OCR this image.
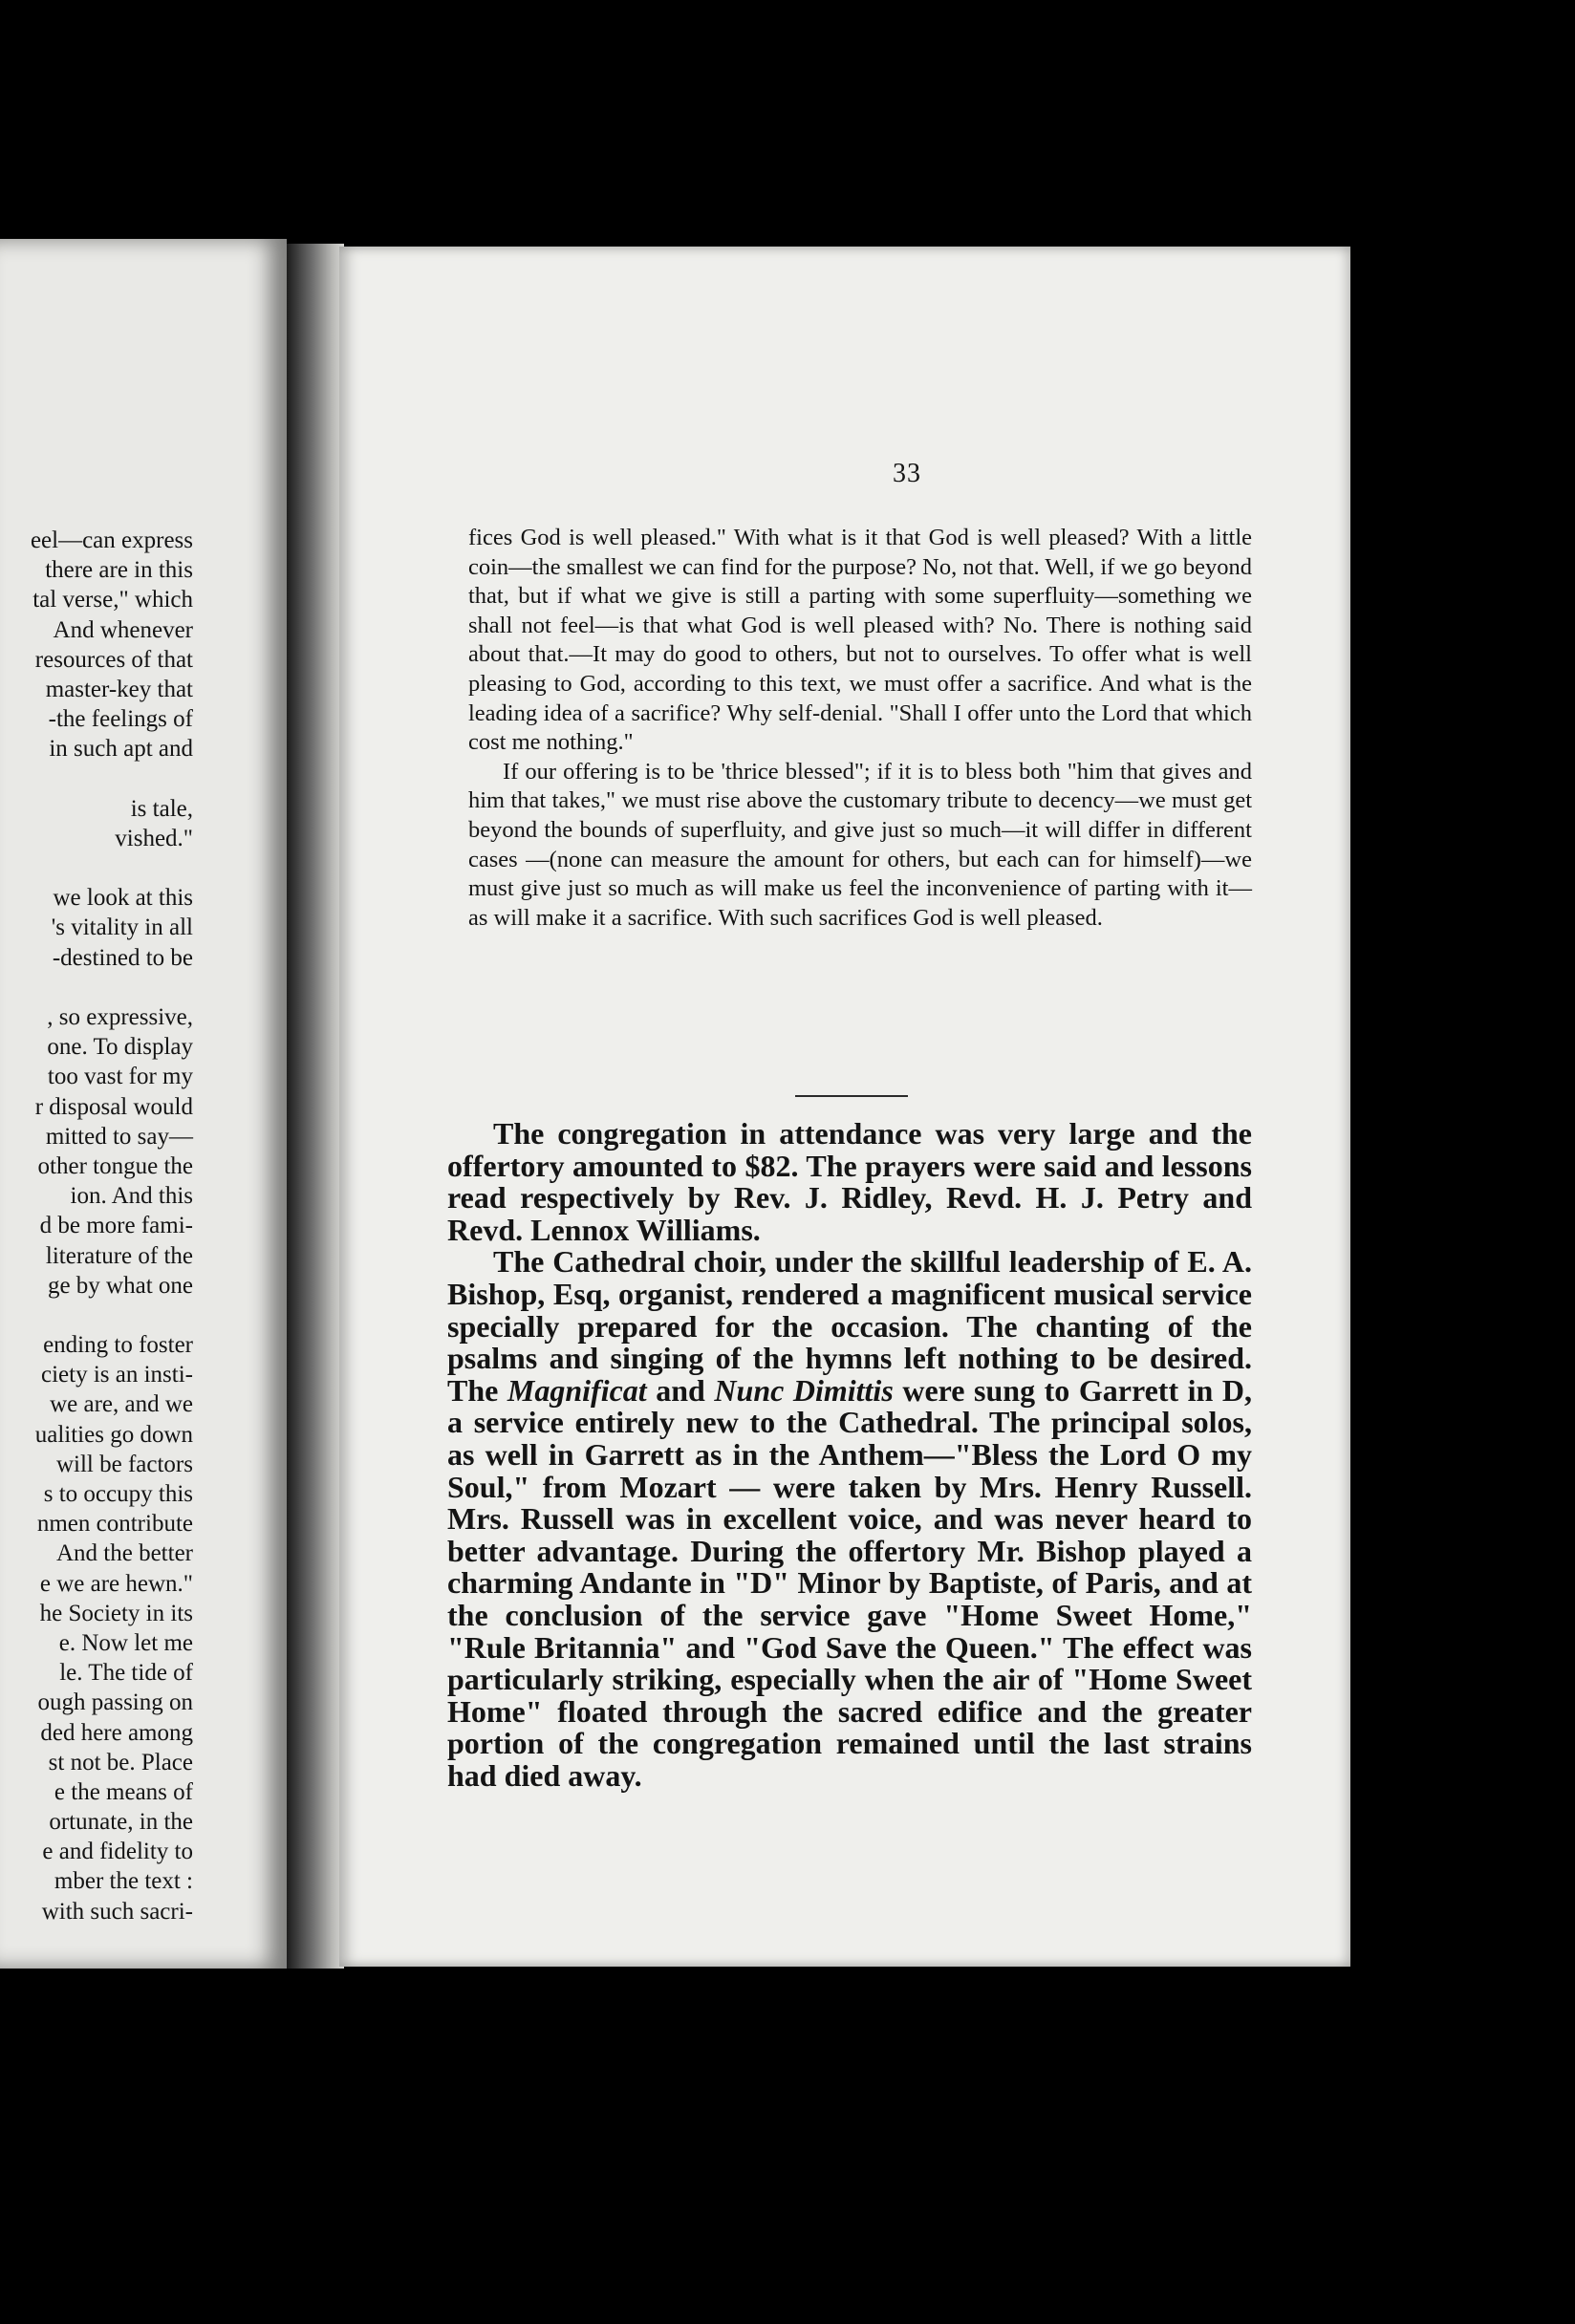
eel—can express
there are in this
tal verse," which
And whenever
resources of that
master-key that
-the feelings of
in such apt and
is tale,
vished."
we look at this
's vitality in all
-destined to be
, so expressive,
one. To display
too vast for my
r disposal would
mitted to say—
other tongue the
ion. And this
d be more fami-
literature of the
ge by what one
ending to foster
ciety is an insti-
we are, and we
ualities go down
will be factors
s to occupy this
nmen contribute
And the better
e we are hewn."
he Society in its
e. Now let me
le. The tide of
ough passing on
ded here among
st not be. Place
e the means of
ortunate, in the
e and fidelity to
mber the text :
with such sacri-
33

fices God is well pleased." With what is it that God is well pleased? With a little coin—the smallest we can find for the purpose? No, not that. Well, if we go beyond that, but if what we give is still a parting with some superfluity—something we shall not feel—is that what God is well pleased with? No. There is nothing said about that.—It may do good to others, but not to ourselves. To offer what is well pleasing to God, according to this text, we must offer a sacrifice. And what is the leading idea of a sacrifice? Why self-denial. "Shall I offer unto the Lord that which cost me nothing."

If our offering is to be 'thrice blessed"; if it is to bless both "him that gives and him that takes," we must rise above the customary tribute to decency—we must get beyond the bounds of superfluity, and give just so much—it will differ in different cases —(none can measure the amount for others, but each can for himself)—we must give just so much as will make us feel the inconvenience of parting with it—as will make it a sacrifice. With such sacrifices God is well pleased.

The congregation in attendance was very large and the offertory amounted to $82. The prayers were said and lessons read respectively by Rev. J. Ridley, Revd. H. J. Petry and Revd. Lennox Williams.

The Cathedral choir, under the skillful leadership of E. A. Bishop, Esq, organist, rendered a magnificent musical service specially prepared for the occasion. The chanting of the psalms and singing of the hymns left nothing to be desired. The Magnificat and Nunc Dimittis were sung to Garrett in D, a service entirely new to the Cathedral. The principal solos, as well in Garrett as in the Anthem—"Bless the Lord O my Soul," from Mozart — were taken by Mrs. Henry Russell. Mrs. Russell was in excellent voice, and was never heard to better advantage. During the offertory Mr. Bishop played a charming Andante in "D" Minor by Baptiste, of Paris, and at the conclusion of the service gave "Home Sweet Home," "Rule Britannia" and "God Save the Queen." The effect was particularly striking, especially when the air of "Home Sweet Home" floated through the sacred edifice and the greater portion of the congregation remained until the last strains had died away.
